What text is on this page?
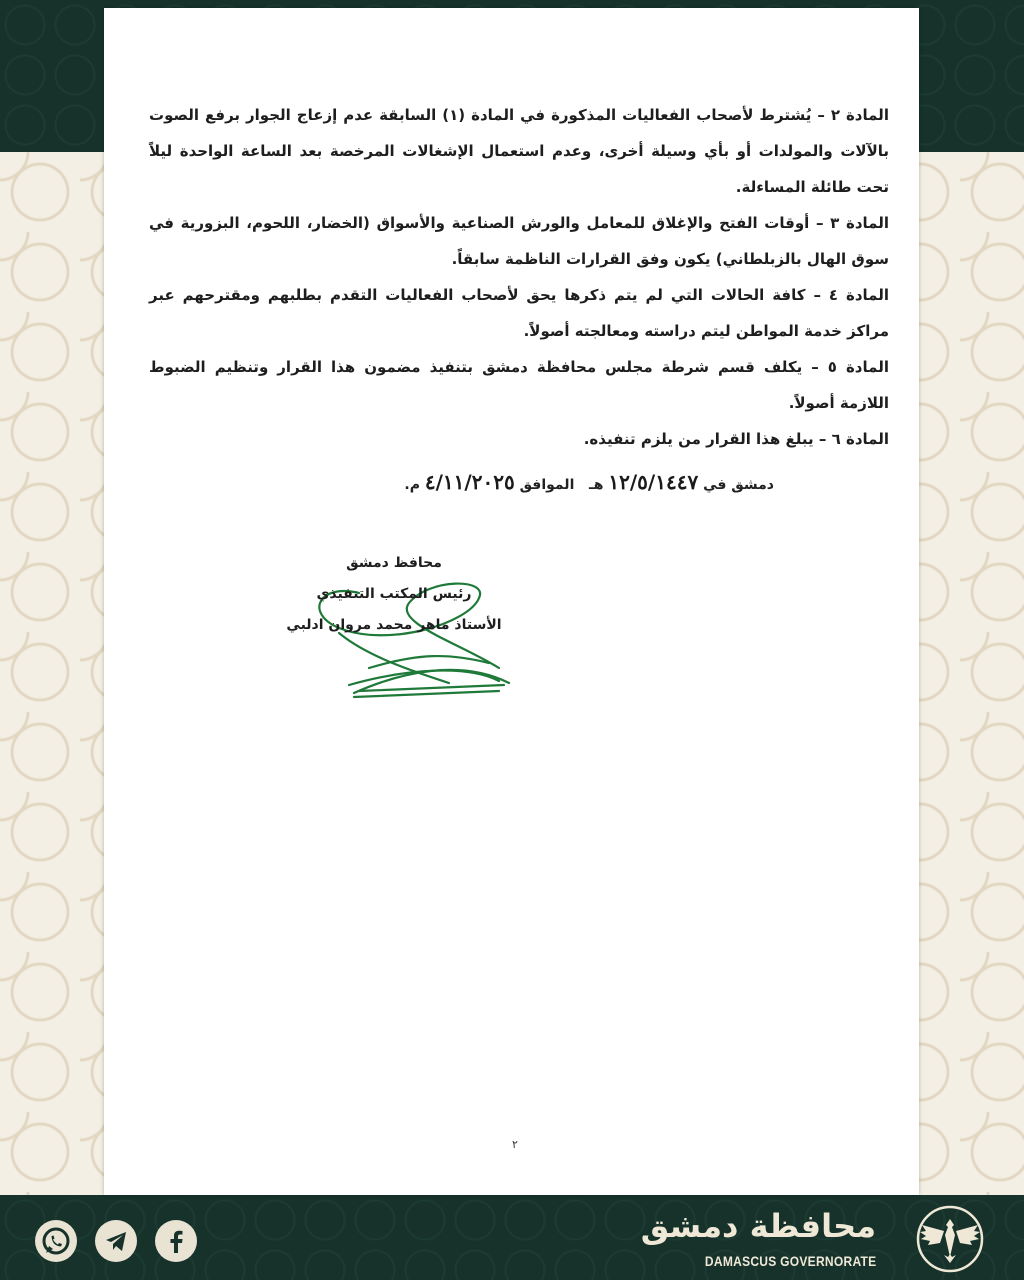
المادة ٢ – يُشترط لأصحاب الفعاليات المذكورة في المادة (١) السابقة عدم إزعاج الجوار برفع الصوت بالآلات والمولدات أو بأي وسيلة أخرى، وعدم استعمال الإشغالات المرخصة بعد الساعة الواحدة ليلاً تحت طائلة المساءلة.

المادة ٣ – أوقات الفتح والإغلاق للمعامل والورش الصناعية والأسواق (الخضار، اللحوم، البزورية في سوق الهال بالزبلطاني) يكون وفق القرارات الناظمة سابقاً.

المادة ٤ – كافة الحالات التي لم يتم ذكرها يحق لأصحاب الفعاليات التقدم بطلبهم ومقترحهم عبر مراكز خدمة المواطن ليتم دراسته ومعالجته أصولاً.

المادة ٥ – يكلف قسم شرطة مجلس محافظة دمشق بتنفيذ مضمون هذا القرار وتنظيم الضبوط اللازمة أصولاً.

المادة ٦ – يبلغ هذا القرار من يلزم تنفيذه.

دمشق في ١٢/٥/١٤٤٧ هـ   الموافق ٤/١١/٢٠٢٥ م.
محافظ دمشق
رئيس المكتب التنفيذي
الأستاذ ماهر محمد مروان ادلبي
٢
محافظة دمشق
DAMASCUS GOVERNORATE
